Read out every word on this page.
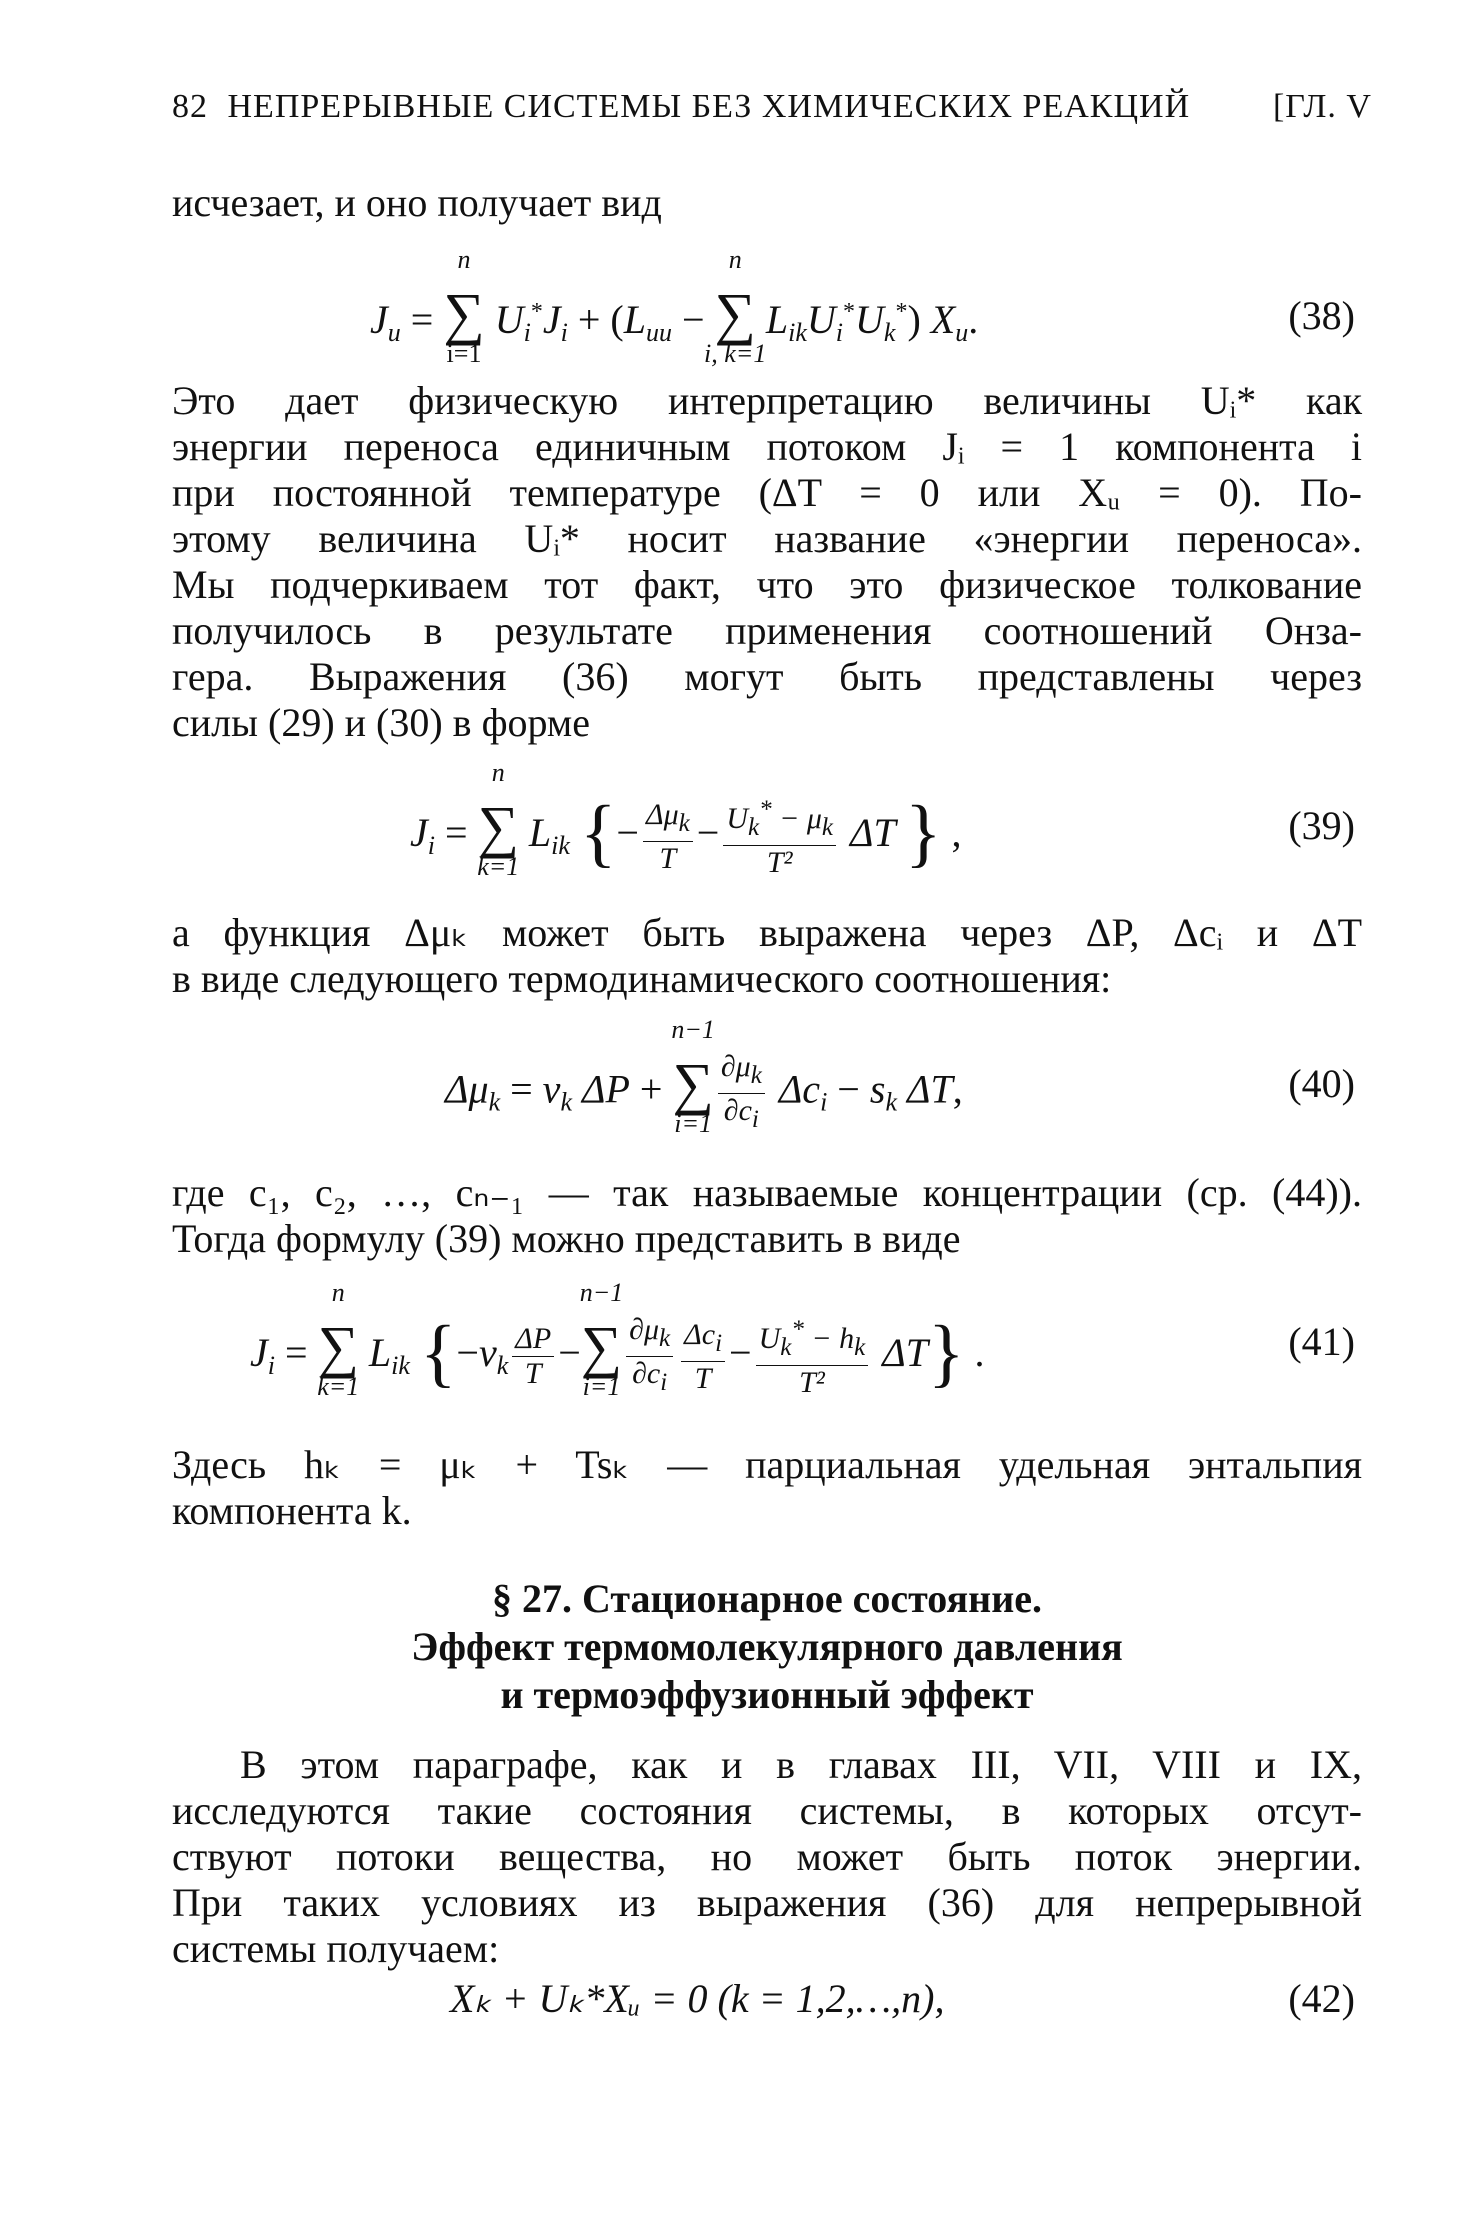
82 НЕПРЕРЫВНЫЕ СИСТЕМЫ БЕЗ ХИМИЧЕСКИХ РЕАКЦИЙ [ГЛ. V
исчезает, и оно получает вид
$J_u$ =
n
∑
i=1
$U_i^*J_i + (L_{uu}$ −
n
∑
i, k=1
$L_{ik}U_i^*U_k^*$) $X_u$.	(38)
Это дает физическую интерпретацию величины Uᵢ* как
энергии переноса единичным потоком Jᵢ = 1 компонента i
при постоянной температуре (ΔT = 0 или Xᵤ = 0). По-
этому величина Uᵢ* носит название «энергии переноса».
Мы подчеркиваем тот факт, что это физическое толкование
получилось в результате применения соотношений Онза-
гера. Выражения (36) могут быть представлены через
силы (29) и (30) в форме
$J_i$ =
n
∑
k=1
$L_{ik}$ {− $\frac{\Delta\mu_k}{T} - \frac{U_k^* - \mu_k}{\text{T²}}$ ΔT } ,	(39)
а функция Δμₖ может быть выражена через ΔP, Δcᵢ и ΔT
в виде следующего термодинамического соотношения:
$\Delta\mu_k = v_k$ ΔP +
n−1
∑
$i=1 \frac{\partial\mu_k}{\partial c_i} \Delta c_i - s_k$ ΔT,	(40)
где c₁, c₂, …, cₙ₋₁ — так называемые концентрации (ср. (44)).
Тогда формулу (39) можно представить в виде
$J_i$ =
n
∑
k=1
$L_{ik}$ {$-v_k \frac{\Delta P}{T}$ −
n−1
∑
$i=1 \frac{\partial\mu_k}{\partial c_i} \frac{\Delta c_i}{T} - \frac{U_k^* - h_k}{\text{T²}} \Delta T$} .	(41)
Здесь hₖ = μₖ + Tsₖ — парциальная удельная энтальпия
компонента k.
§ 27. Стационарное состояние.
Эффект термомолекулярного давления
и термоэффузионный эффект
В этом параграфе, как и в главах III, VII, VIII и IX,
исследуются такие состояния системы, в которых отсут-
ствуют потоки вещества, но может быть поток энергии.
При таких условиях из выражения (36) для непрерывной
системы получаем:
Xₖ + Uₖ*Xᵤ = 0 (k = 1,2,…,n),	(42)
